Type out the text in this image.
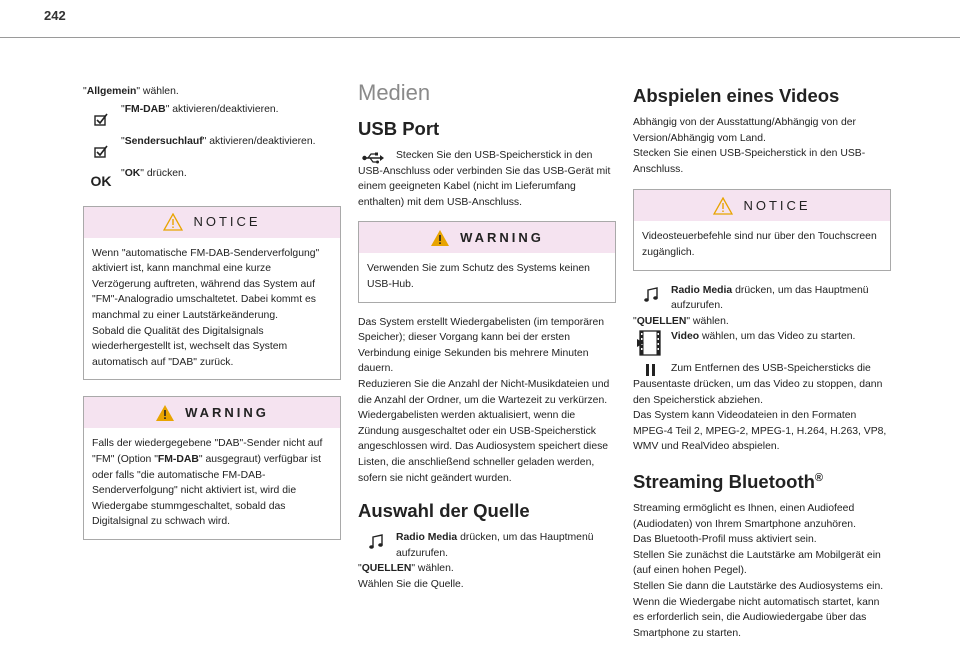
242

"Allgemein" wählen.

"FM-DAB" aktivieren/deaktivieren.

"Sendersuchlauf" aktivieren/deaktivieren.

OK "OK" drücken.

NOTICE
Wenn "automatische FM-DAB-Senderverfolgung" aktiviert ist, kann manchmal eine kurze Verzögerung auftreten, während das System auf "FM"-Analogradio umschaltetet. Dabei kommt es manchmal zu einer Lautstärkeänderung.
Sobald die Qualität des Digitalsignals wiederhergestellt ist, wechselt das System automatisch auf "DAB" zurück.
WARNING
Falls der wiedergegebene "DAB"-Sender nicht auf "FM" (Option "FM-DAB" ausgegraut) verfügbar ist oder falls "die automatische FM-DAB-Senderverfolgung" nicht aktiviert ist, wird die Wiedergabe stummgeschaltet, sobald das Digitalsignal zu schwach wird.
Medien
USB Port

Stecken Sie den USB-Speicherstick in den USB-Anschluss oder verbinden Sie das USB-Gerät mit einem geeigneten Kabel (nicht im Lieferumfang enthalten) mit dem USB-Anschluss.

WARNING
Verwenden Sie zum Schutz des Systems keinen USB-Hub.

Das System erstellt Wiedergabelisten (im temporären Speicher); dieser Vorgang kann bei der ersten Verbindung einige Sekunden bis mehrere Minuten dauern.
Reduzieren Sie die Anzahl der Nicht-Musikdateien und die Anzahl der Ordner, um die Wartezeit zu verkürzen.
Wiedergabelisten werden aktualisiert, wenn die Zündung ausgeschaltet oder ein USB-Speicherstick angeschlossen wird. Das Audiosystem speichert diese Listen, die anschließend schneller geladen werden, sofern sie nicht geändert wurden.

Auswahl der Quelle

Radio Media drücken, um das Hauptmenü aufzurufen.

"QUELLEN" wählen.

Wählen Sie die Quelle.

Abspielen eines Videos

Abhängig von der Ausstattung/Abhängig von der Version/Abhängig vom Land.
Stecken Sie einen USB-Speicherstick in den USB-Anschluss.

NOTICE
Videosteuerbefehle sind nur über den Touchscreen zugänglich.

Radio Media drücken, um das Hauptmenü aufzurufen.

"QUELLEN" wählen.

Video wählen, um das Video zu starten.

Zum Entfernen des USB-Speichersticks die Pausentaste drücken, um das Video zu stoppen, dann den Speicherstick abziehen.
Das System kann Videodateien in den Formaten MPEG-4 Teil 2, MPEG-2, MPEG-1, H.264, H.263, VP8, WMV und RealVideo abspielen.

Streaming Bluetooth®

Streaming ermöglicht es Ihnen, einen Audiofeed (Audiodaten) von Ihrem Smartphone anzuhören.
Das Bluetooth-Profil muss aktiviert sein.
Stellen Sie zunächst die Lautstärke am Mobilgerät ein (auf einen hohen Pegel).
Stellen Sie dann die Lautstärke des Audiosystems ein.
Wenn die Wiedergabe nicht automatisch startet, kann es erforderlich sein, die Audiowiedergabe über das Smartphone zu starten.
